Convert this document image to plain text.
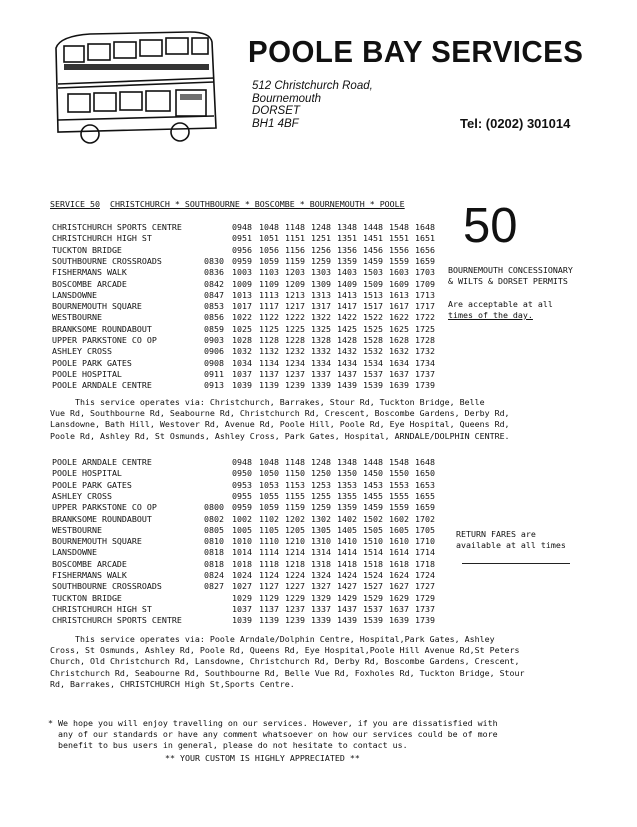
POOLE BAY SERVICES
512 Christchurch Road,
Bournemouth
DORSET
BH1 4BF	Tel: (0202) 301014
SERVICE 50 CHRISTCHURCH * SOUTHBOURNE * BOSCOMBE * BOURNEMOUTH * POOLE 50
BOURNEMOUTH CONCESSIONARY
& WILTS & DORSET PERMITS
Are acceptable at all
times of the day.
CHRISTCHURCH SPORTS CENTRE	0948 1048 1148 1248 1348 1448 1548 1648
CHRISTCHURCH HIGH ST	0951 1051 1151 1251 1351 1451 1551 1651
TUCKTON BRIDGE	0956 1056 1156 1256 1356 1456 1556 1656
SOUTHBOURNE CROSSROADS	0830 0959 1059 1159 1259 1359 1459 1559 1659
FISHERMANS WALK	0836 1003 1103 1203 1303 1403 1503 1603 1703
BOSCOMBE ARCADE	0842 1009 1109 1209 1309 1409 1509 1609 1709
LANSDOWNE	0847 1013 1113 1213 1313 1413 1513 1613 1713
BOURNEMOUTH SQUARE	0853 1017 1117 1217 1317 1417 1517 1617 1717
WESTBOURNE	0856 1022 1122 1222 1322 1422 1522 1622 1722
BRANKSOME ROUNDABOUT	0859 1025 1125 1225 1325 1425 1525 1625 1725
UPPER PARKSTONE CO OP	0903 1028 1128 1228 1328 1428 1528 1628 1728
ASHLEY CROSS	0906 1032 1132 1232 1332 1432 1532 1632 1732
POOLE PARK GATES	0908 1034 1134 1234 1334 1434 1534 1634 1734
POOLE HOSPITAL	0911 1037 1137 1237 1337 1437 1537 1637 1737
POOLE ARNDALE CENTRE	0913 1039 1139 1239 1339 1439 1539 1639 1739
This service operates via: Christchurch, Barrakes, Stour Rd, Tuckton Bridge, Belle
Vue Rd, Southbourne Rd, Seabourne Rd, Christchurch Rd, Crescent, Boscombe Gardens, Derby Rd,
Lansdowne, Bath Hill, Westover Rd, Avenue Rd, Poole Hill, Poole Rd, Eye Hospital, Queens Rd,
Poole Rd, Ashley Rd, St Osmunds, Ashley Cross, Park Gates, Hospital, ARNDALE/DOLPHIN CENTRE.
POOLE ARNDALE CENTRE	0948 1048 1148 1248 1348 1448 1548 1648
POOLE HOSPITAL	0950 1050 1150 1250 1350 1450 1550 1650
POOLE PARK GATES	0953 1053 1153 1253 1353 1453 1553 1653
ASHLEY CROSS	0955 1055 1155 1255 1355 1455 1555 1655
UPPER PARKSTONE CO OP	0800 0959 1059 1159 1259 1359 1459 1559 1659
BRANKSOME ROUNDABOUT	0802 1002 1102 1202 1302 1402 1502 1602 1702
WESTBOURNE	0805 1005 1105 1205 1305 1405 1505 1605 1705
BOURNEMOUTH SQUARE	0810 1010 1110 1210 1310 1410 1510 1610 1710
LANSDOWNE	0818 1014 1114 1214 1314 1414 1514 1614 1714
BOSCOMBE ARCADE	0818 1018 1118 1218 1318 1418 1518 1618 1718
FISHERMANS WALK	0824 1024 1124 1224 1324 1424 1524 1624 1724
SOUTHBOURNE CROSSROADS	0827 1027 1127 1227 1327 1427 1527 1627 1727
TUCKTON BRIDGE	1029 1129 1229 1329 1429 1529 1629 1729
CHRISTCHURCH HIGH ST	1037 1137 1237 1337 1437 1537 1637 1737
CHRISTCHURCH SPORTS CENTRE	1039 1139 1239 1339 1439 1539 1639 1739
RETURN FARES are
available at all times
This service operates via: Poole Arndale/Dolphin Centre, Hospital,Park Gates, Ashley
Cross, St Osmunds, Ashley Rd, Poole Rd, Queens Rd, Eye Hospital,Poole Hill Avenue Rd,St Peters
Church, Old Christchurch Rd, Lansdowne, Christchurch Rd, Derby Rd, Boscombe Gardens, Crescent,
Christchurch Rd, Seabourne Rd, Southbourne Rd, Belle Vue Rd, Foxholes Rd, Tuckton Bridge, Stour
Rd, Barrakes, CHRISTCHURCH High St,Sports Centre.
* We hope you will enjoy travelling on our services. However, if you are dissatisfied with
any of our standards or have any comment whatsoever on how our services could be of more
benefit to bus users in general, please do not hesitate to contact us.
** YOUR CUSTOM IS HIGHLY APPRECIATED **
